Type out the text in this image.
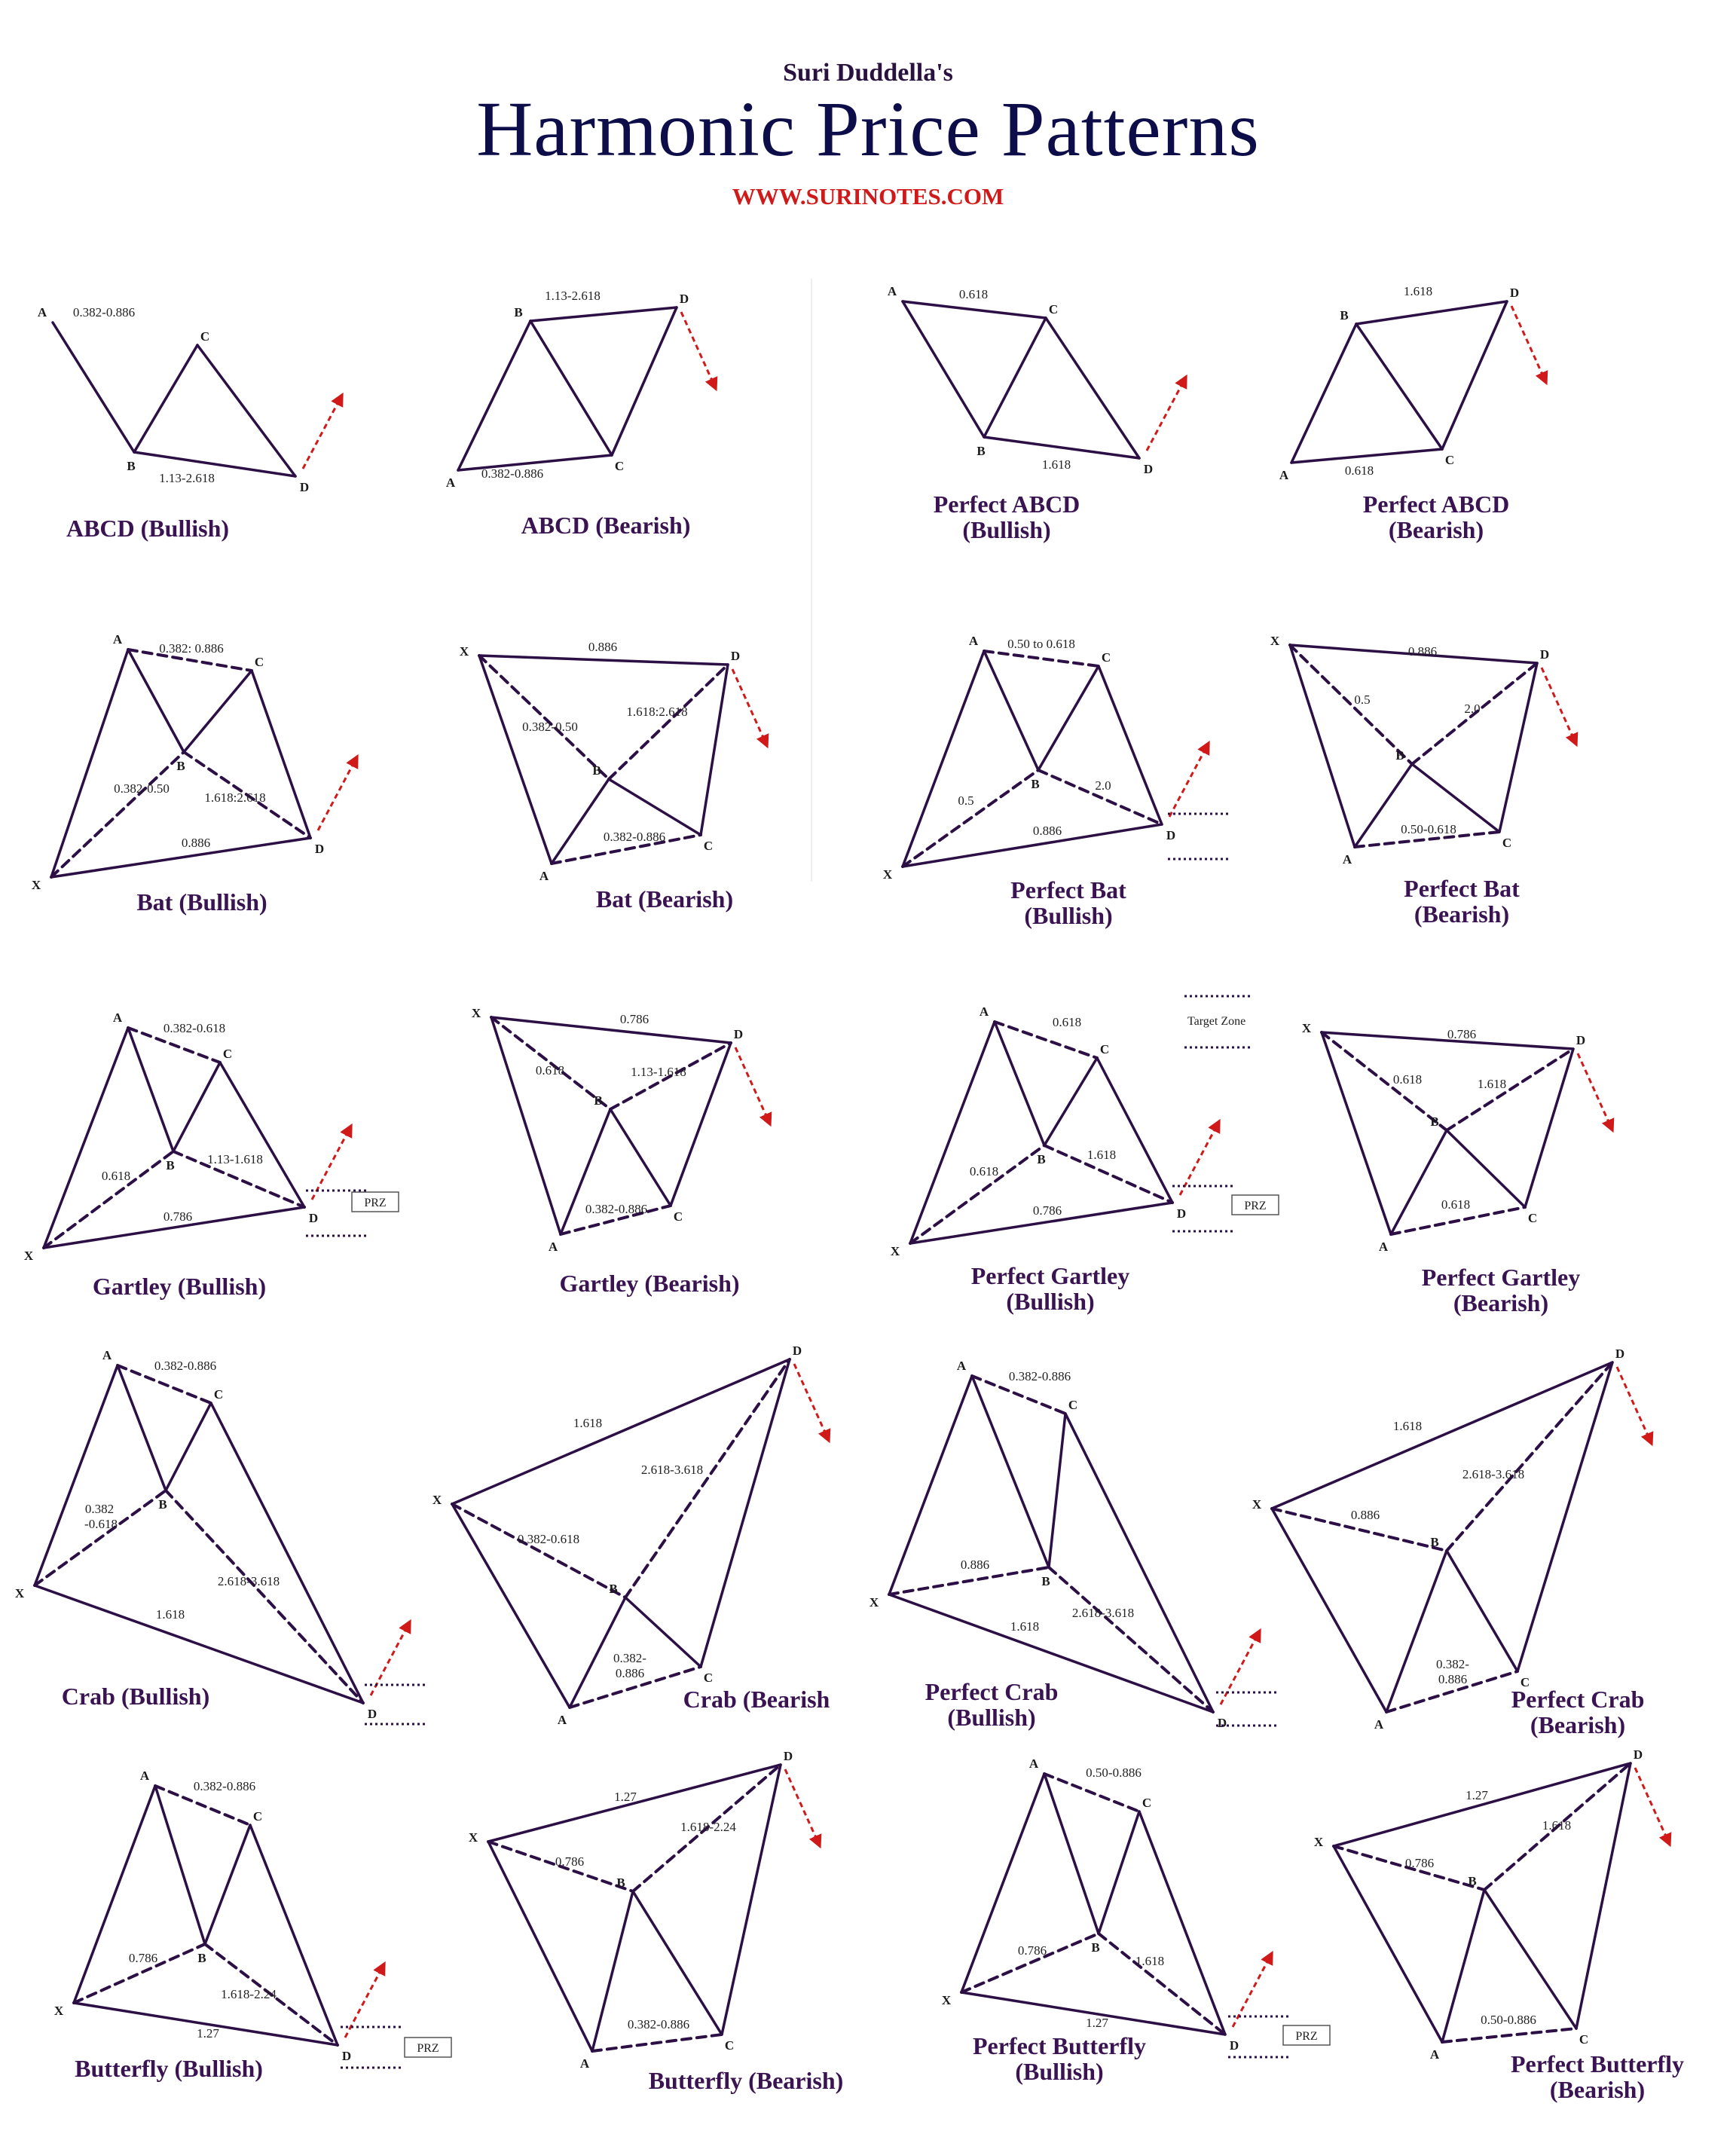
Suri Duddella's
Harmonic Price Patterns
WWW.SURINOTES.COM
A
B
C
D
0.382-0.886
1.13-2.618
ABCD (Bullish)
A
B
C
D
1.13-2.618
0.382-0.886
ABCD (Bearish)
A
B
C
D
0.618
1.618
Perfect ABCD
(Bullish)
A
B
C
D
1.618
0.618
Perfect ABCD
(Bearish)
X
A
B
C
D
0.382: 0.886
0.382-0.50
1.618:2.618
0.886
Bat (Bullish)
X
A
B
C
D
0.886
0.382-0.50
1.618:2.618
0.382-0.886
Bat (Bearish)
X
A
B
C
D
0.50 to 0.618
0.5
2.0
0.886
Perfect Bat
(Bullish)
X
A
B
C
D
0.886
0.5
2.0
0.50-0.618
Perfect Bat
(Bearish)
X
A
B
C
D
0.382-0.618
0.618
1.13-1.618
0.786
PRZ
Gartley (Bullish)
X
A
B
C
D
0.786
0.618	1.13-1.618
0.382-0.886
Gartley (Bearish)
X
A
B
C
D
0.618
0.618
1.618
0.786	PRZ
Target Zone
Perfect Gartley
(Bullish)
X
A
B
C
D
0.786
0.618	1.618
0.618
Perfect Gartley
(Bearish)
X
A
B
C
D
0.382-0.886
0.382
-0.618
2.618-3.618
1.618
Crab (Bullish)
X
A
B
C
D
1.618
2.618-3.618
0.382-0.618
0.382-
0.886
Crab (Bearish
X
A
B
C
D
0.382-0.886
0.886
2.618-3.618
1.618
Perfect Crab
(Bullish)
X
A
B
C
D
1.618
2.618-3.618
0.886
0.382-
0.886
Perfect Crab
(Bearish)
X
A
B
C
D
0.382-0.886
0.786
1.618-2.24
1.27
PRZ
Butterfly (Bullish)
X
A
B
C
D
1.27
1.618-2.24
0.786
0.382-0.886
Butterfly (Bearish)
X
A
B
C
D
0.50-0.886
0.786
1.618
1.27
PRZ
Perfect Butterfly
(Bullish)
X
A
B
C
D
1.27
1.618
0.786
0.50-0.886
Perfect Butterfly
(Bearish)
